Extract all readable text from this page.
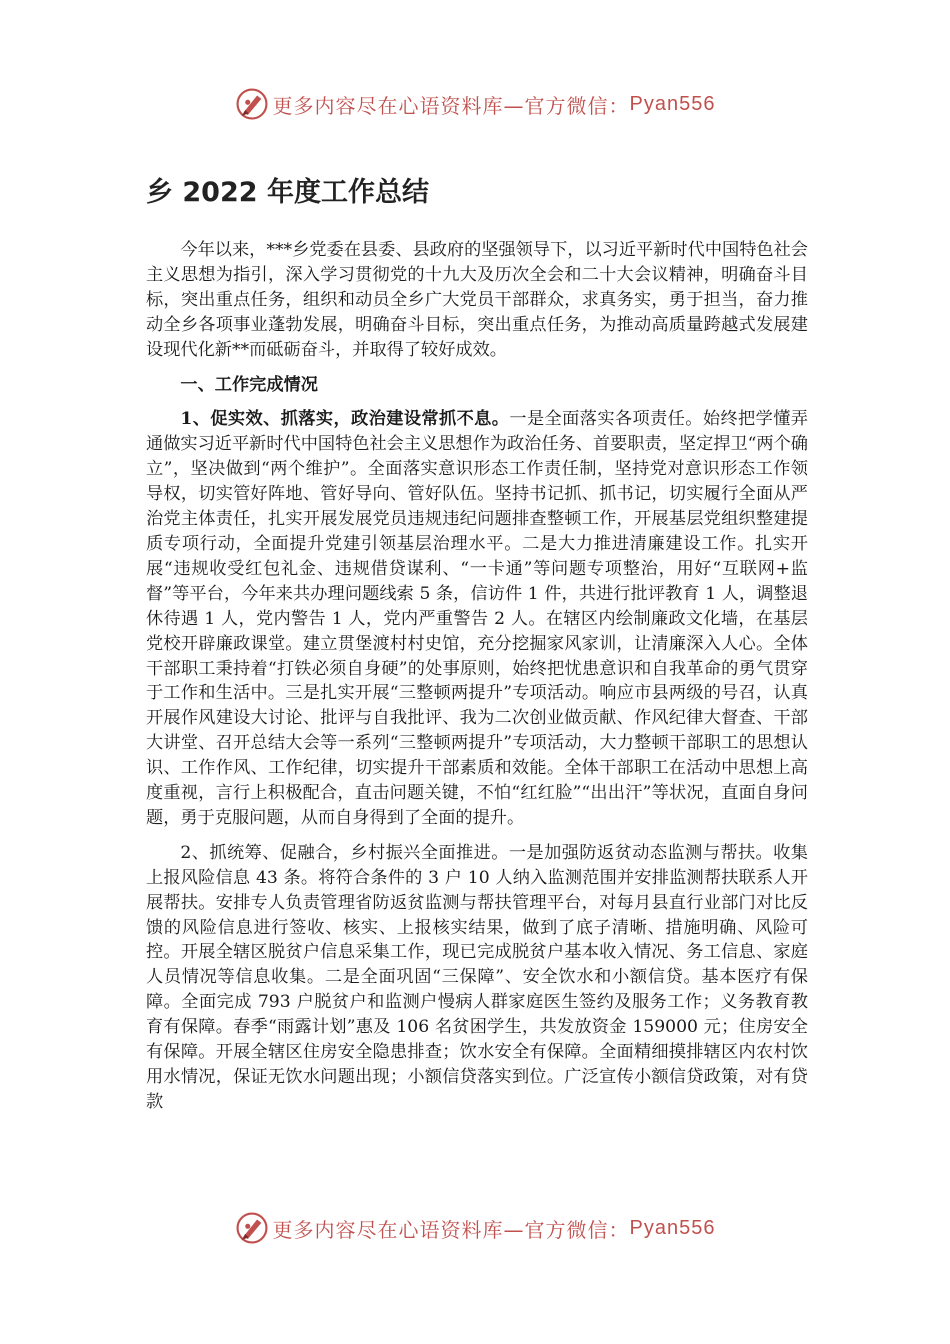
更多内容尽在心语资料库—官方微信： Pyan556
乡 2022 年度工作总结

今年以来，***乡党委在县委、县政府的坚强领导下，以习近平新时代中国特色社会主义思想为指引，深入学习贯彻党的十九大及历次全会和二十大会议精神，明确奋斗目标，突出重点任务，组织和动员全乡广大党员干部群众，求真务实，勇于担当，奋力推动全乡各项事业蓬勃发展，明确奋斗目标，突出重点任务，为推动高质量跨越式发展建设现代化新**而砥砺奋斗，并取得了较好成效。

一、工作完成情况

1、促实效、抓落实，政治建设常抓不息。一是全面落实各项责任。始终把学懂弄通做实习近平新时代中国特色社会主义思想作为政治任务、首要职责，坚定捍卫“两个确立”，坚决做到“两个维护”。全面落实意识形态工作责任制，坚持党对意识形态工作领导权，切实管好阵地、管好导向、管好队伍。坚持书记抓、抓书记，切实履行全面从严治党主体责任，扎实开展发展党员违规违纪问题排查整顿工作，开展基层党组织整建提质专项行动，全面提升党建引领基层治理水平。二是大力推进清廉建设工作。扎实开展“违规收受红包礼金、违规借贷谋利、“一卡通”等问题专项整治，用好“互联网+监督”等平台，今年来共办理问题线索 5 条，信访件 1 件，共进行批评教育 1 人，调整退休待遇 1 人，党内警告 1 人，党内严重警告 2 人。在辖区内绘制廉政文化墙，在基层党校开辟廉政课堂。建立贯堡渡村村史馆，充分挖掘家风家训，让清廉深入人心。全体干部职工秉持着“打铁必须自身硬”的处事原则，始终把忧患意识和自我革命的勇气贯穿于工作和生活中。三是扎实开展“三整顿两提升”专项活动。响应市县两级的号召，认真开展作风建设大讨论、批评与自我批评、我为二次创业做贡献、作风纪律大督查、干部大讲堂、召开总结大会等一系列“三整顿两提升”专项活动，大力整顿干部职工的思想认识、工作作风、工作纪律，切实提升干部素质和效能。全体干部职工在活动中思想上高度重视，言行上积极配合，直击问题关键，不怕“红红脸”“出出汗”等状况，直面自身问题，勇于克服问题，从而自身得到了全面的提升。

2、抓统筹、促融合，乡村振兴全面推进。一是加强防返贫动态监测与帮扶。收集上报风险信息 43 条。将符合条件的 3 户 10 人纳入监测范围并安排监测帮扶联系人开展帮扶。安排专人负责管理省防返贫监测与帮扶管理平台，对每月县直行业部门对比反馈的风险信息进行签收、核实、上报核实结果，做到了底子清晰、措施明确、风险可控。开展全辖区脱贫户信息采集工作，现已完成脱贫户基本收入情况、务工信息、家庭人员情况等信息收集。二是全面巩固“三保障”、安全饮水和小额信贷。基本医疗有保障。全面完成 793 户脱贫户和监测户慢病人群家庭医生签约及服务工作；义务教育教育有保障。春季“雨露计划”惠及 106 名贫困学生，共发放资金 159000 元；住房安全有保障。开展全辖区住房安全隐患排查；饮水安全有保障。全面精细摸排辖区内农村饮用水情况，保证无饮水问题出现；小额信贷落实到位。广泛宣传小额信贷政策，对有贷款

更多内容尽在心语资料库—官方微信： Pyan556
